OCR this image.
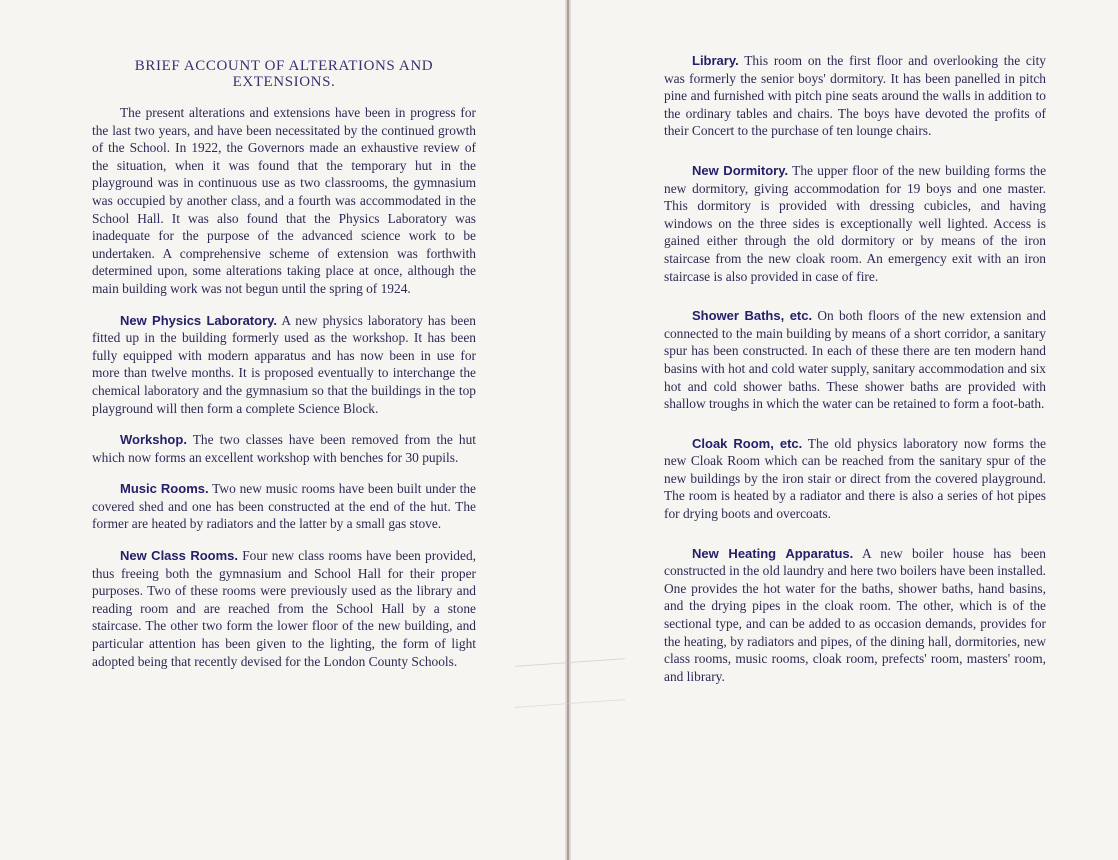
BRIEF ACCOUNT OF ALTERATIONS AND
EXTENSIONS.

The present alterations and extensions have been in progress for the last two years, and have been necessitated by the continued growth of the School. In 1922, the Governors made an exhaustive review of the situation, when it was found that the temporary hut in the playground was in continuous use as two classrooms, the gymnasium was occupied by another class, and a fourth was accommodated in the School Hall. It was also found that the Physics Laboratory was inadequate for the purpose of the advanced science work to be undertaken. A comprehensive scheme of extension was forthwith determined upon, some alterations taking place at once, although the main building work was not begun until the spring of 1924.

New Physics Laboratory. A new physics laboratory has been fitted up in the building formerly used as the workshop. It has been fully equipped with modern apparatus and has now been in use for more than twelve months. It is proposed eventually to interchange the chemical laboratory and the gymnasium so that the buildings in the top playground will then form a complete Science Block.

Workshop. The two classes have been removed from the hut which now forms an excellent workshop with benches for 30 pupils.

Music Rooms. Two new music rooms have been built under the covered shed and one has been constructed at the end of the hut. The former are heated by radiators and the latter by a small gas stove.

New Class Rooms. Four new class rooms have been provided, thus freeing both the gymnasium and School Hall for their proper purposes. Two of these rooms were previously used as the library and reading room and are reached from the School Hall by a stone staircase. The other two form the lower floor of the new building, and particular attention has been given to the lighting, the form of light adopted being that recently devised for the London County Schools.

Library. This room on the first floor and overlooking the city was formerly the senior boys' dormitory. It has been panelled in pitch pine and furnished with pitch pine seats around the walls in addition to the ordinary tables and chairs. The boys have devoted the profits of their Concert to the purchase of ten lounge chairs.

New Dormitory. The upper floor of the new building forms the new dormitory, giving accommodation for 19 boys and one master. This dormitory is provided with dressing cubicles, and having windows on the three sides is exceptionally well lighted. Access is gained either through the old dormitory or by means of the iron staircase from the new cloak room. An emergency exit with an iron staircase is also provided in case of fire.

Shower Baths, etc. On both floors of the new extension and connected to the main building by means of a short corridor, a sanitary spur has been constructed. In each of these there are ten modern hand basins with hot and cold water supply, sanitary accommodation and six hot and cold shower baths. These shower baths are provided with shallow troughs in which the water can be retained to form a foot-bath.

Cloak Room, etc. The old physics laboratory now forms the new Cloak Room which can be reached from the sanitary spur of the new buildings by the iron stair or direct from the covered playground. The room is heated by a radiator and there is also a series of hot pipes for drying boots and overcoats.

New Heating Apparatus. A new boiler house has been constructed in the old laundry and here two boilers have been installed. One provides the hot water for the baths, shower baths, hand basins, and the drying pipes in the cloak room. The other, which is of the sectional type, and can be added to as occasion demands, provides for the heating, by radiators and pipes, of the dining hall, dormitories, new class rooms, music rooms, cloak room, prefects' room, masters' room, and library.
